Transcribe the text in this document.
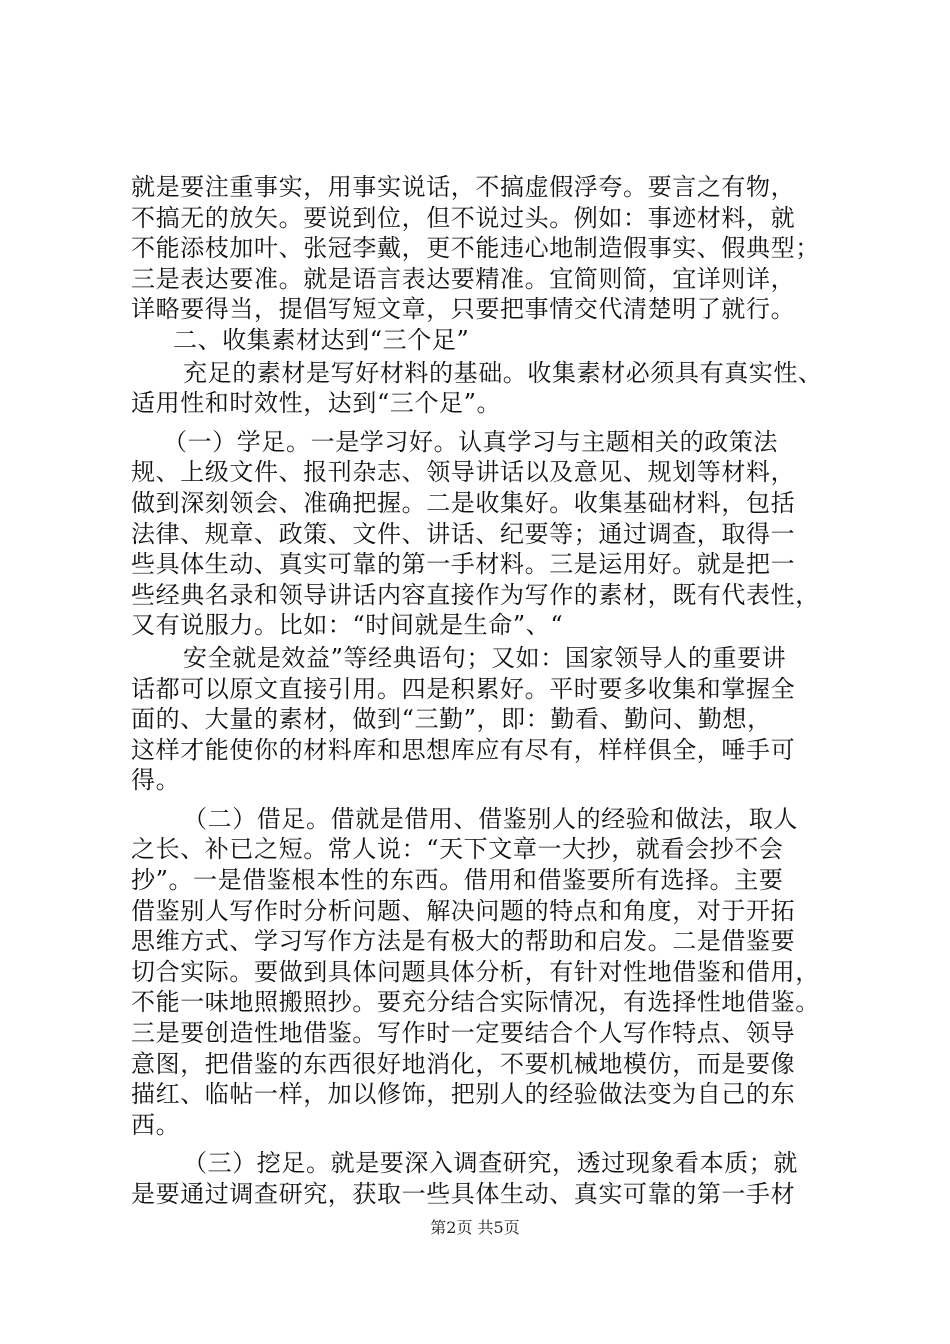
就是要注重事实，用事实说话，不搞虚假浮夸。要言之有物，
不搞无的放矢。要说到位，但不说过头。例如：事迹材料，就
不能添枝加叶、张冠李戴，更不能违心地制造假事实、假典型；
三是表达要准。就是语言表达要精准。宜简则简，宜详则详，
详略要得当，提倡写短文章，只要把事情交代清楚明了就行。
二、收集素材达到“三个足”
充足的素材是写好材料的基础。收集素材必须具有真实性、
适用性和时效性，达到“三个足”。
（一）学足。一是学习好。认真学习与主题相关的政策法
规、上级文件、报刊杂志、领导讲话以及意见、规划等材料，
做到深刻领会、准确把握。二是收集好。收集基础材料，包括
法律、规章、政策、文件、讲话、纪要等；通过调查，取得一
些具体生动、真实可靠的第一手材料。三是运用好。就是把一
些经典名录和领导讲话内容直接作为写作的素材，既有代表性，
又有说服力。比如：“时间就是生命”、“
安全就是效益”等经典语句；又如：国家领导人的重要讲
话都可以原文直接引用。四是积累好。平时要多收集和掌握全
面的、大量的素材，做到“三勤”，即：勤看、勤问、勤想，
这样才能使你的材料库和思想库应有尽有，样样俱全，唾手可
得。
（二）借足。借就是借用、借鉴别人的经验和做法，取人
之长、补已之短。常人说：“天下文章一大抄，就看会抄不会
抄”。一是借鉴根本性的东西。借用和借鉴要所有选择。主要
借鉴别人写作时分析问题、解决问题的特点和角度，对于开拓
思维方式、学习写作方法是有极大的帮助和启发。二是借鉴要
切合实际。要做到具体问题具体分析，有针对性地借鉴和借用，
不能一味地照搬照抄。要充分结合实际情况，有选择性地借鉴。
三是要创造性地借鉴。写作时一定要结合个人写作特点、领导
意图，把借鉴的东西很好地消化，不要机械地模仿，而是要像
描红、临帖一样，加以修饰，把别人的经验做法变为自己的东
西。
（三）挖足。就是要深入调查研究，透过现象看本质；就
是要通过调查研究，获取一些具体生动、真实可靠的第一手材
第2页 共5页
